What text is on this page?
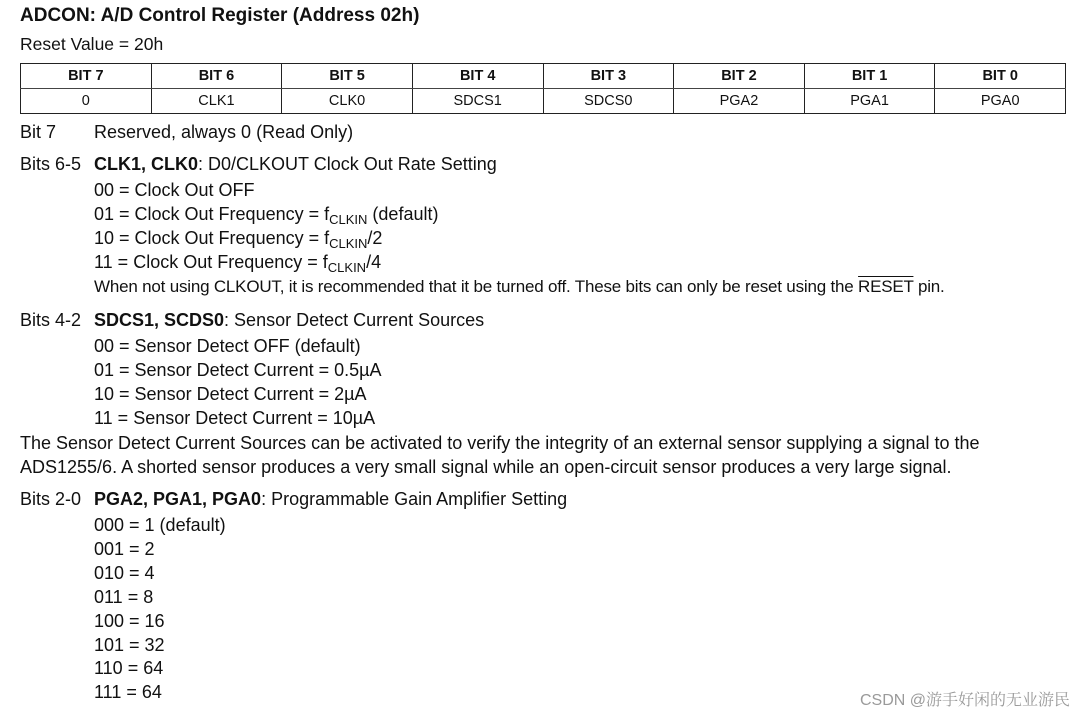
ADCON: A/D Control Register (Address 02h)
Reset Value = 20h
BIT 7	BIT 6	BIT 5	BIT 4	BIT 3	BIT 2	BIT 1	BIT 0
0	CLK1	CLK0	SDCS1	SDCS0	PGA2	PGA1	PGA0
Bit 7 Reserved, always 0 (Read Only)
Bits 6-5 CLK1, CLK0: D0/CLKOUT Clock Out Rate Setting
00 = Clock Out OFF
01 = Clock Out Frequency = $f_{CLKIN}$ (default)
10 = Clock Out Frequency = $f_{CLKIN}/2$
11 = Clock Out Frequency = $f_{CLKIN}/4$
When not using CLKOUT, it is recommended that it be turned off. These bits can only be reset using the RESET pin.
Bits 4-2 SDCS1, SCDS0: Sensor Detect Current Sources
00 = Sensor Detect OFF (default)
01 = Sensor Detect Current = 0.5µA
10 = Sensor Detect Current = 2µA
11 = Sensor Detect Current = 10µA
The Sensor Detect Current Sources can be activated to verify the integrity of an external sensor supplying a signal to the
ADS1255/6. A shorted sensor produces a very small signal while an open-circuit sensor produces a very large signal.
Bits 2-0 PGA2, PGA1, PGA0: Programmable Gain Amplifier Setting
000 = 1 (default)
001 = 2
010 = 4
011 = 8
100 = 16
101 = 32
110 = 64
111 = 64	CSDN @游手好闲的无业游民
